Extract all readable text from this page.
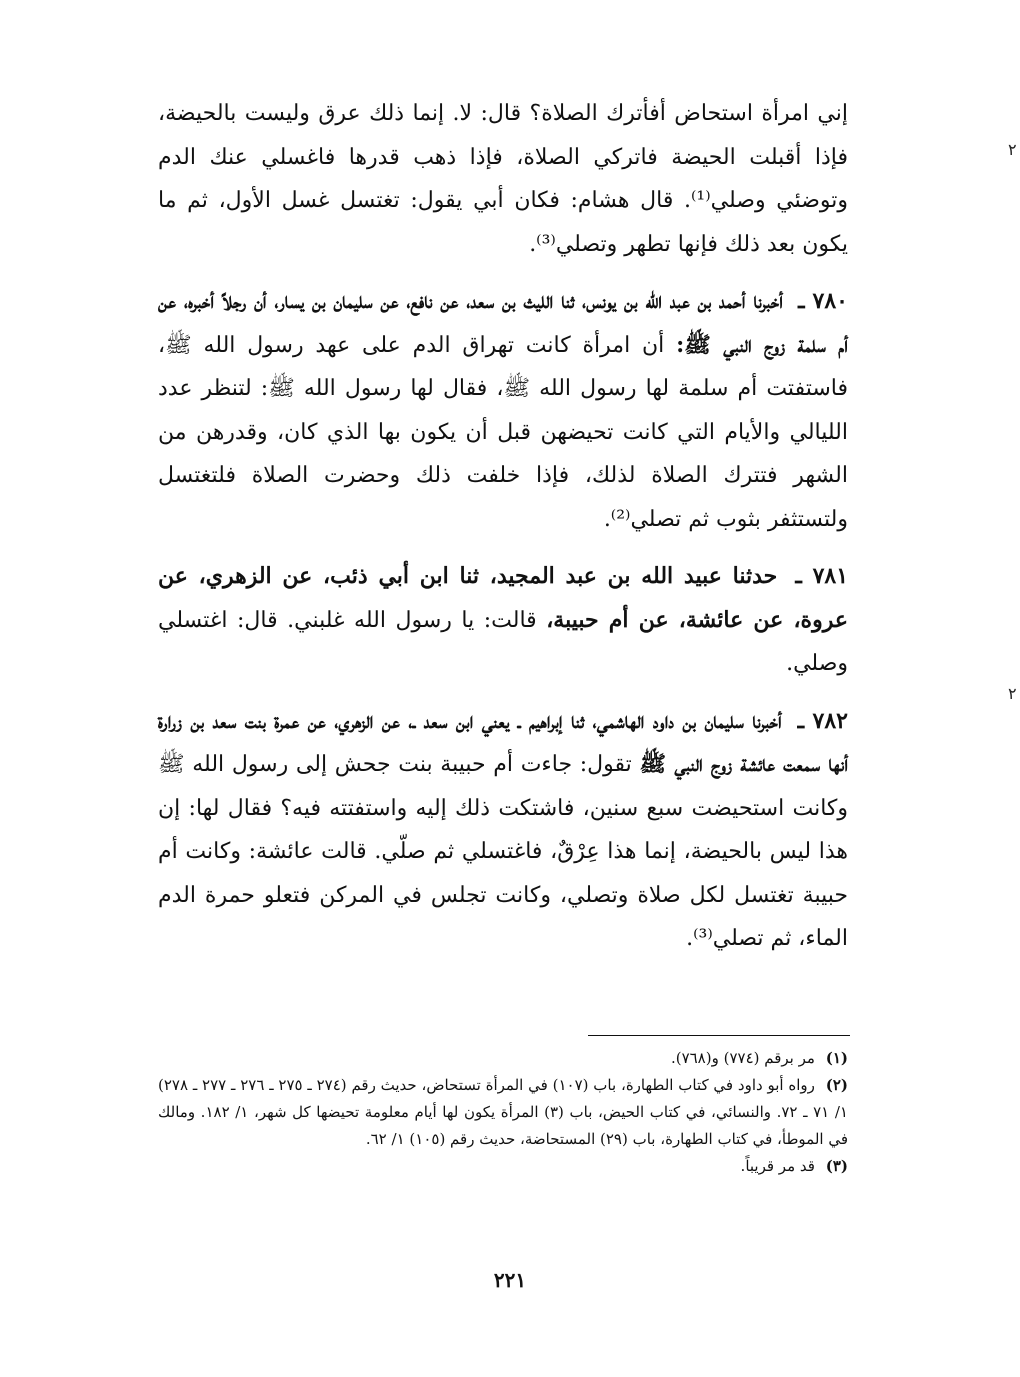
إني امرأة استحاض أفأترك الصلاة؟ قال: لا. إنما ذلك عرق وليست بالحيضة، فإذا أقبلت الحيضة فاتركي الصلاة، فإذا ذهب قدرها فاغسلي عنك الدم وتوضئي وصلي⁽¹⁾. قال هشام: فكان أبي يقول: تغتسل غسل الأول، ثم ما يكون بعد ذلك فإنها تطهر وتصلي⁽³⁾.

٧٨٠ ـ أخبرنا أحمد بن عبد الله بن يونس، ثنا الليث بن سعد، عن نافع، عن سليمان بن يسار، أن رجلاً أخبره، عن أم سلمة زوج النبي ﷺ: أن امرأة كانت تهراق الدم على عهد رسول الله ﷺ، فاستفتت أم سلمة لها رسول الله ﷺ، فقال لها رسول الله ﷺ: لتنظر عدد الليالي والأيام التي كانت تحيضهن قبل أن يكون بها الذي كان، وقدرهن من الشهر فتترك الصلاة لذلك، فإذا خلفت ذلك وحضرت الصلاة فلتغتسل ولتستثفر بثوب ثم تصلي⁽²⁾.

٧٨١ ـ حدثنا عبيد الله بن عبد المجيد، ثنا ابن أبي ذئب، عن الزهري، عن عروة، عن عائشة، عن أم حبيبة، قالت: يا رسول الله غلبني. قال: اغتسلي وصلي.

٧٨٢ ـ أخبرنا سليمان بن داود الهاشمي، ثنا إبراهيم ـ يعني ابن سعد ـ، عن الزهري، عن عمرة بنت سعد بن زرارة أنها سمعت عائشة زوج النبي ﷺ تقول: جاءت أم حبيبة بنت جحش إلى رسول الله ﷺ وكانت استحيضت سبع سنين، فاشتكت ذلك إليه واستفتته فيه؟ فقال لها: إن هذا ليس بالحيضة، إنما هذا عِرْقٌ، فاغتسلي ثم صلّي. قالت عائشة: وكانت أم حبيبة تغتسل لكل صلاة وتصلي، وكانت تجلس في المركن فتعلو حمرة الدم الماء، ثم تصلي⁽³⁾.

(١) مر برقم (٧٧٤) و(٧٦٨).

(٢) رواه أبو داود في كتاب الطهارة، باب (١٠٧) في المرأة تستحاض، حديث رقم (٢٧٤ ـ ٢٧٥ ـ ٢٧٦ ـ ٢٧٧ ـ ٢٧٨) ١/ ٧١ ـ ٧٢. والنسائي، في كتاب الحيض، باب (٣) المرأة يكون لها أيام معلومة تحيضها كل شهر، ١/ ١٨٢. ومالك في الموطأ، في كتاب الطهارة، باب (٢٩) المستحاضة، حديث رقم (١٠٥) ١/ ٦٢.

(٣) قد مر قريباً.

٢٢١
٢
٢
